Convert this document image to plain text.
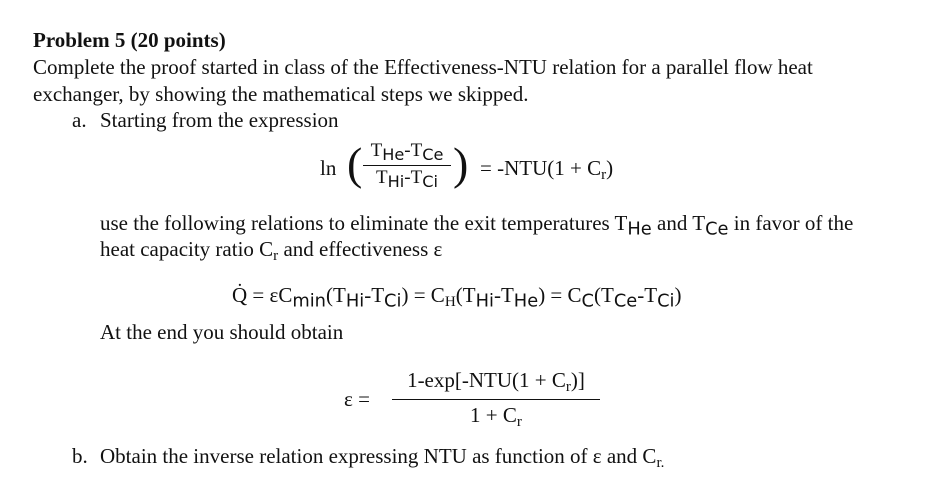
Problem 5 (20 points)
Complete the proof started in class of the Effectiveness-NTU relation for a parallel flow heat
exchanger, by showing the mathematical steps we skipped.
a. Starting from the expression
ln ( $T_{He}-T_{Ce}$
$T_{Hi}-T_{Ci}$ ) = $-NTU(1 + C_r)$
use the following relations to eliminate the exit temperatures THe and TCe in favor of the
heat capacity ratio $C_r$ and effectiveness ε
Q̇ = $\varepsilon Cmin(THi-TCi) = C_H(THi-THe) = CC(TCe-TCi)$
At the end you should obtain
ε =
$1-\exp[-NTU(1 + C_r)]$
$1 + C_r$
b. Obtain the inverse relation expressing NTU as function of ε and $C_{r.}$
